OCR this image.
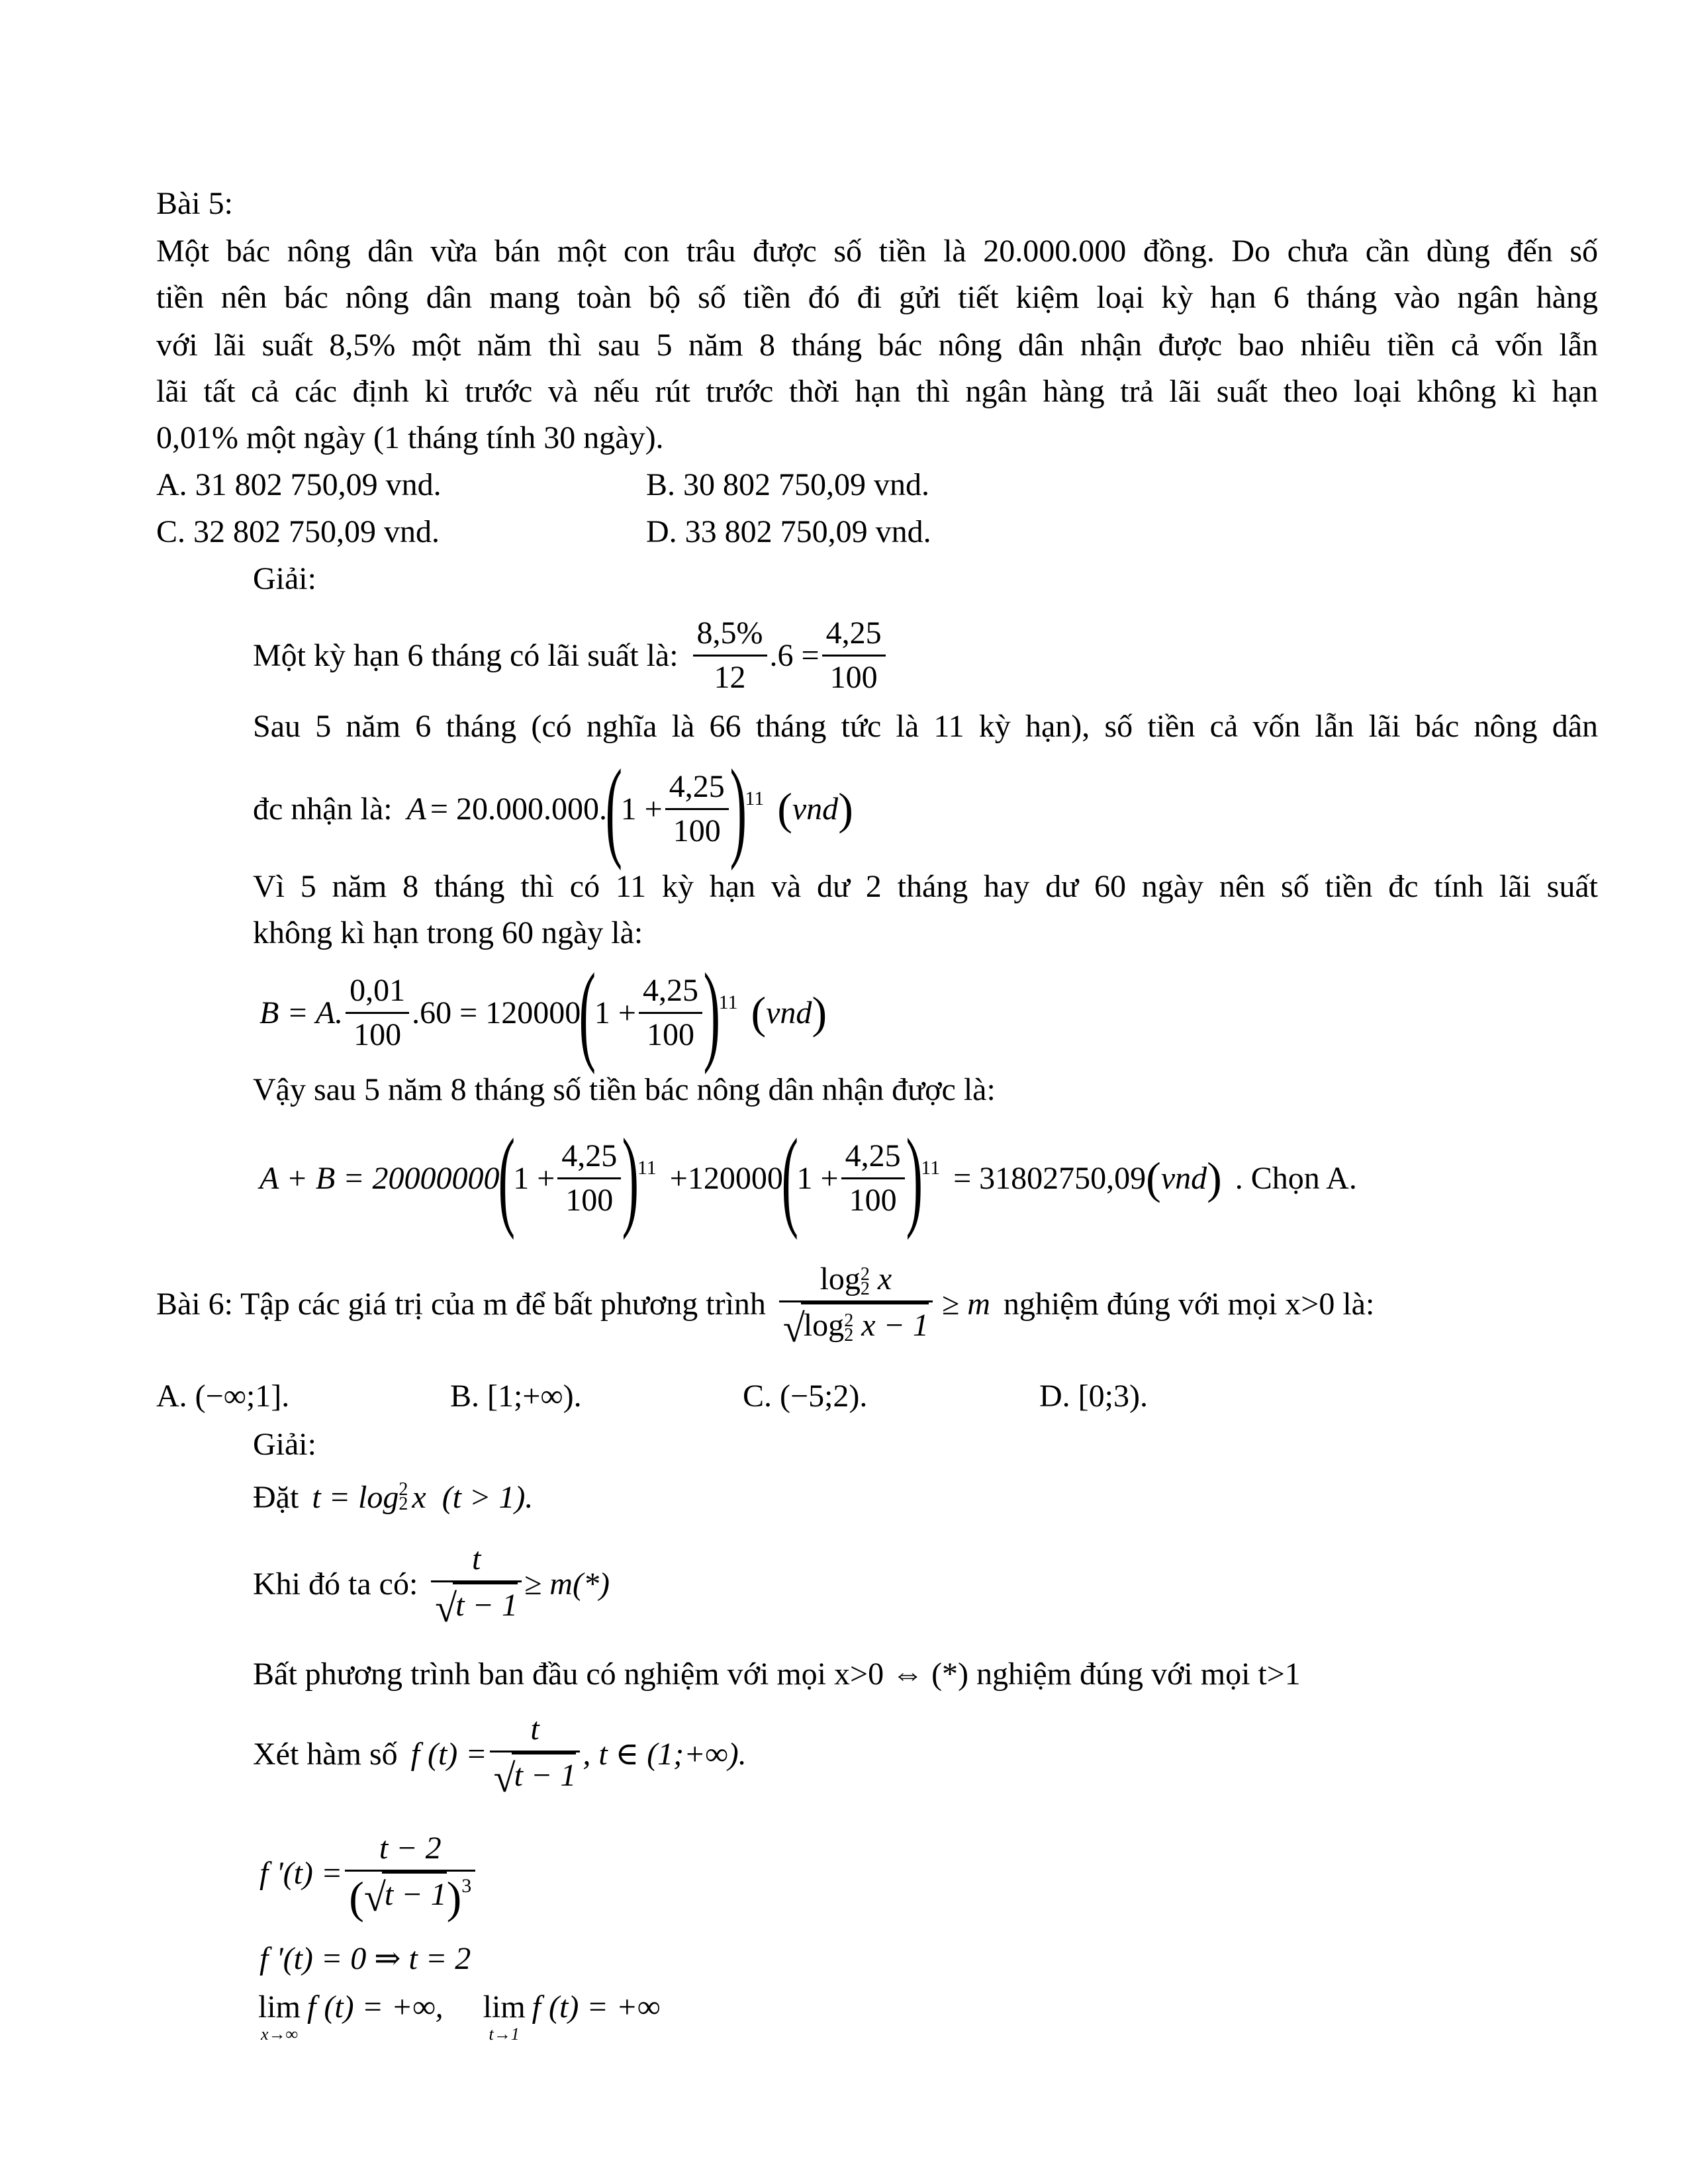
Bài 5:
Một bác nông dân vừa bán một con trâu được số tiền là 20.000.000 đồng. Do chưa cần dùng đến số
tiền nên bác nông dân mang toàn bộ số tiền đó đi gửi tiết kiệm loại kỳ hạn 6 tháng vào ngân hàng
với lãi suất 8,5% một năm thì sau 5 năm 8 tháng bác nông dân nhận được bao nhiêu tiền cả vốn lẫn
lãi tất cả các định kì trước và nếu rút trước thời hạn thì ngân hàng trả lãi suất theo loại không kì hạn
0,01% một ngày (1 tháng tính 30 ngày).
A. 31 802 750,09 vnd.	B. 30 802 750,09 vnd.
C. 32 802 750,09 vnd.	D. 33 802 750,09 vnd.
Giải:
Một kỳ hạn 6 tháng có lãi suất là: $\frac{8,5\%}{12} .6 = \frac{4,25}{100}$
Sau 5 năm 6 tháng (có nghĩa là 66 tháng tức là 11 kỳ hạn), số tiền cả vốn lẫn lãi bác nông dân
đc nhận là: A = 20.000.000.
(
$1 + \frac{4,25}{100}$ )
11 ( vnd )
Vì 5 năm 8 tháng thì có 11 kỳ hạn và dư 2 tháng hay dư 60 ngày nên số tiền đc tính lãi suất
không kì hạn trong 60 ngày là:
B = A. $\frac{0,01}{100} .60 = 120000$
(
$1 + \frac{4,25}{100}$ )
11 ( vnd )
Vậy sau 5 năm 8 tháng số tiền bác nông dân nhận được là:
A + B = 20000000
(
$1 + \frac{4,25}{100}$ )
11 +120000
(
$1 + \frac{4,25}{100}$ )
11 = 31802750,09 ( vnd ) . Chọn A.
Bài 6: Tập các giá trị của m để bất phương trình log 2
2 x
√log 2
2 x − 1 ≥ m nghiệm đúng với mọi x>0 là:
A. (−∞;1].	B. [1;+∞).	C. (−5;2).	D. [0;3).
Giải:
Đặt t = log 2
2 x (t > 1).
Khi đó ta có: $\frac{t}{√t - 1} \ge m(*)$
Bất phương trình ban đầu có nghiệm với mọi x>0 ⇔ (*) nghiệm đúng với mọi t>1
Xét hàm số f $(t) = \frac{t}{√t - 1}$ , t ∈ (1;+∞).
f '$(t) = \frac{t - 2}{(√t - 1)^3}$
f '(t) = 0 ⇒ t = 2
lim
x→∞
f (t) = +∞, lim
t→1
f (t) = +∞
